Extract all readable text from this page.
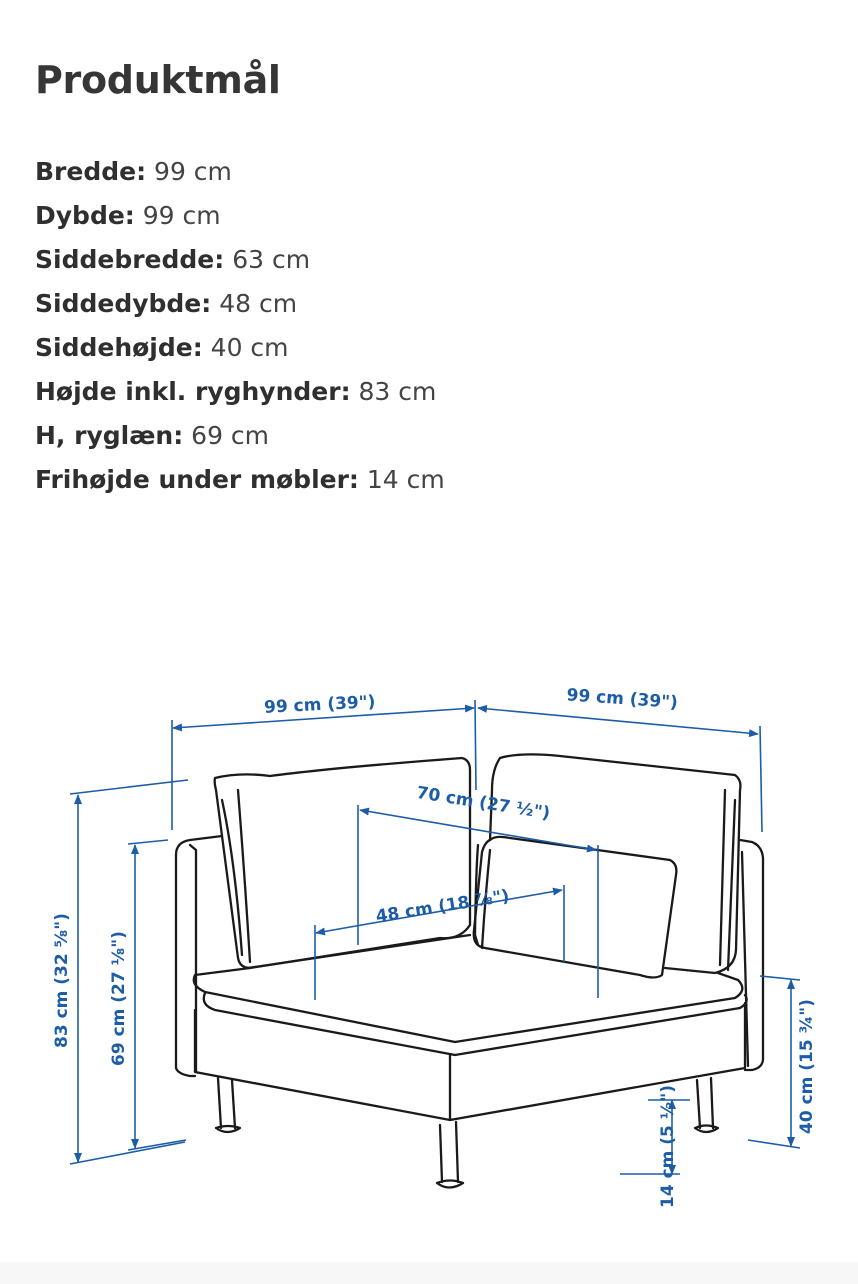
Produktmål
Bredde: 99 cm
Dybde: 99 cm
Siddebredde: 63 cm
Siddedybde: 48 cm
Siddehøjde: 40 cm
Højde inkl. ryghynder: 83 cm
H, ryglæn: 69 cm
Frihøjde under møbler: 14 cm
99 cm (39")	99 cm (39")
70 cm (27 ½")
48 cm (18 ⅞")
83 cm (32 ⅝") 69 cm (27 ⅛")
40 cm (15 ¾")
14 cm (5 ½")
